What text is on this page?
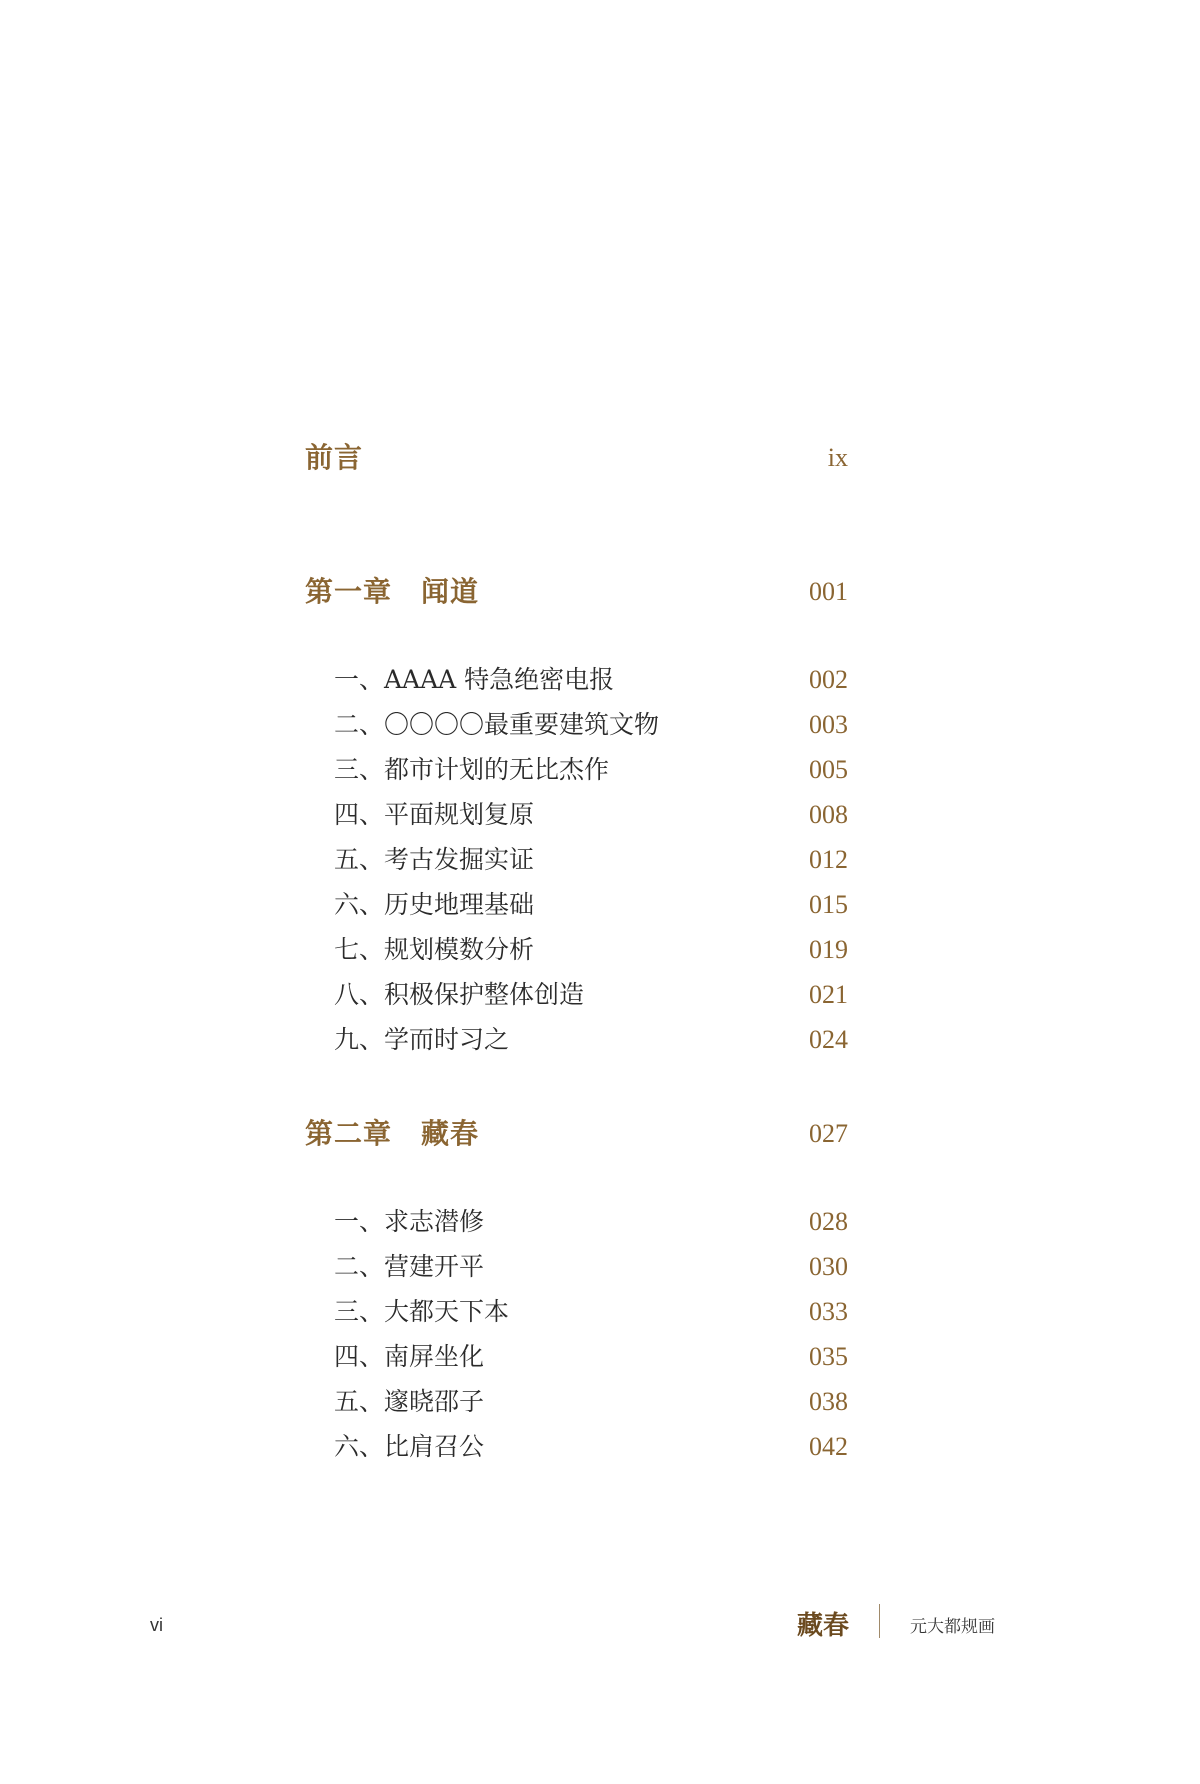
前言	ix
第一章　闻道	001
一、AAAA 特急绝密电报	002
二、〇〇〇〇最重要建筑文物	003
三、都市计划的无比杰作	005
四、平面规划复原	008
五、考古发掘实证	012
六、历史地理基础	015
七、规划模数分析	019
八、积极保护整体创造	021
九、学而时习之	024
第二章　藏春	027
一、求志潜修	028
二、营建开平	030
三、大都天下本	033
四、南屏坐化	035
五、邃晓邵子	038
六、比肩召公	042
vi	藏春	元大都规画
